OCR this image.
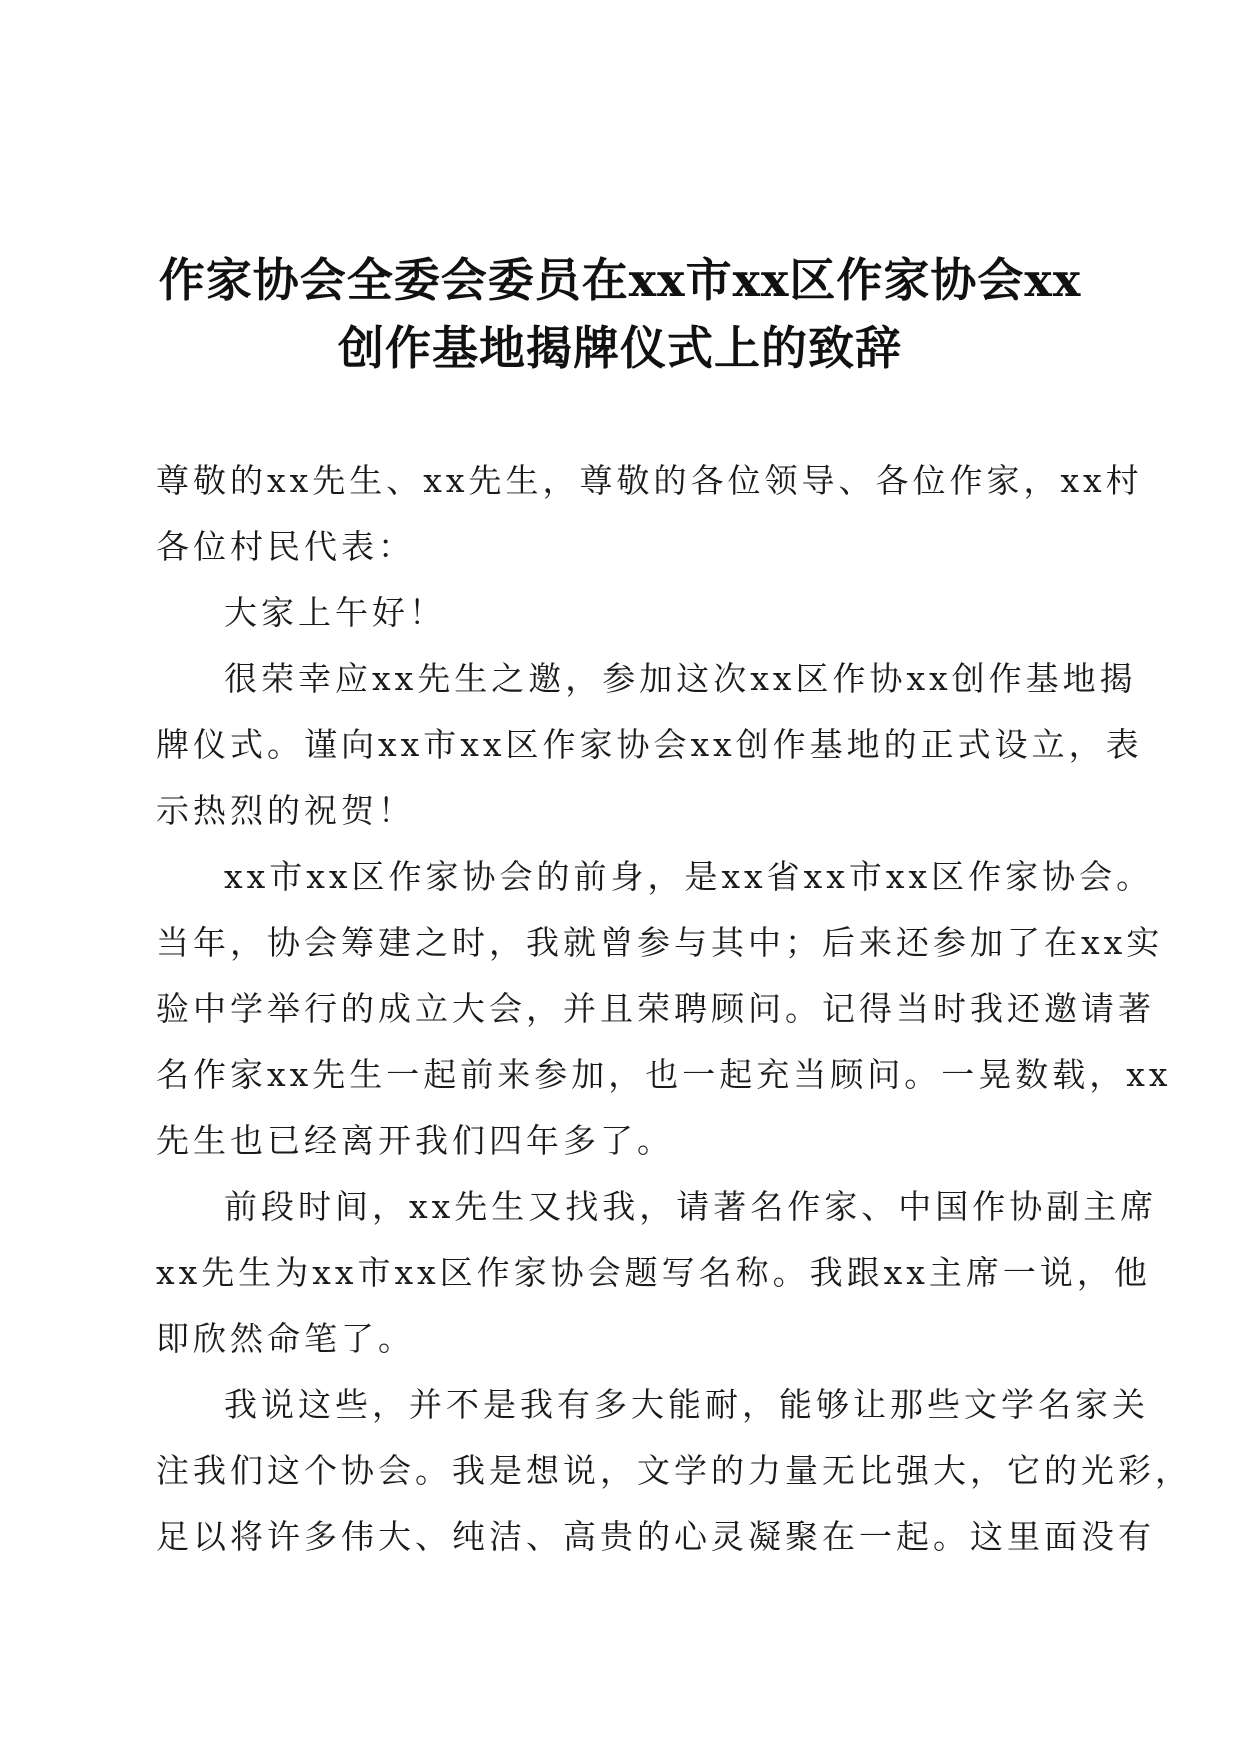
作家协会全委会委员在xx市xx区作家协会xx
创作基地揭牌仪式上的致辞

尊敬的xx先生、xx先生，尊敬的各位领导、各位作家，xx村
各位村民代表：

大家上午好！

很荣幸应xx先生之邀，参加这次xx区作协xx创作基地揭
牌仪式。谨向xx市xx区作家协会xx创作基地的正式设立，表
示热烈的祝贺！

xx市xx区作家协会的前身，是xx省xx市xx区作家协会。
当年，协会筹建之时，我就曾参与其中；后来还参加了在xx实
验中学举行的成立大会，并且荣聘顾问。记得当时我还邀请著
名作家xx先生一起前来参加，也一起充当顾问。一晃数载，xx
先生也已经离开我们四年多了。

前段时间，xx先生又找我，请著名作家、中国作协副主席
xx先生为xx市xx区作家协会题写名称。我跟xx主席一说，他
即欣然命笔了。

我说这些，并不是我有多大能耐，能够让那些文学名家关
注我们这个协会。我是想说，文学的力量无比强大，它的光彩，
足以将许多伟大、纯洁、高贵的心灵凝聚在一起。这里面没有
